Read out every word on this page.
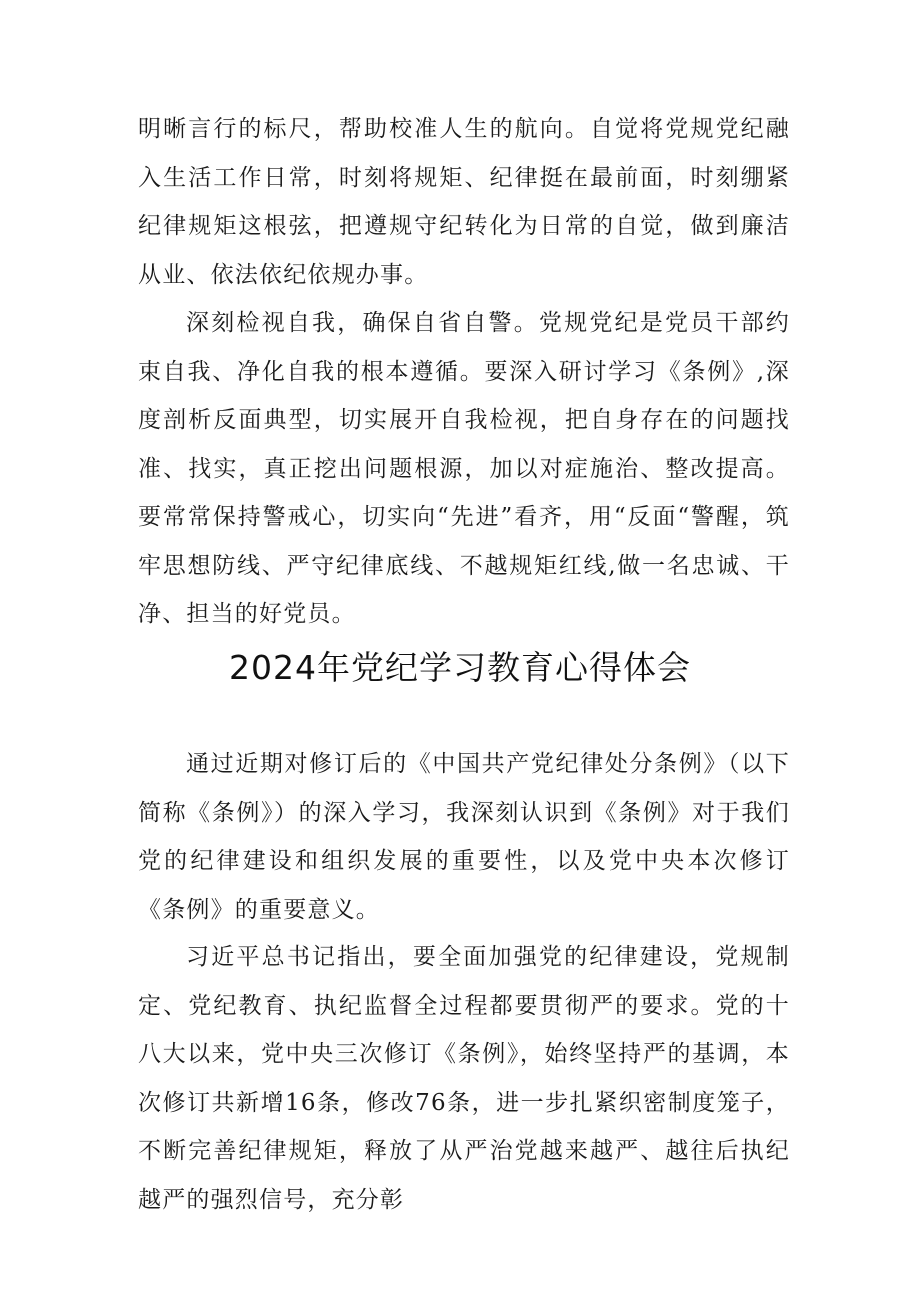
明晰言行的标尺，帮助校准人生的航向。自觉将党规党纪融入生活工作日常，时刻将规矩、纪律挺在最前面，时刻绷紧纪律规矩这根弦，把遵规守纪转化为日常的自觉，做到廉洁从业、依法依纪依规办事。

深刻检视自我，确保自省自警。党规党纪是党员干部约束自我、净化自我的根本遵循。要深入研讨学习《条例》,深度剖析反面典型，切实展开自我检视，把自身存在的问题找准、找实，真正挖出问题根源，加以对症施治、整改提高。要常常保持警戒心，切实向“先进”看齐，用“反面“警醒，筑牢思想防线、严守纪律底线、不越规矩红线,做一名忠诚、干净、担当的好党员。

2024年党纪学习教育心得体会

通过近期对修订后的《中国共产党纪律处分条例》（以下简称《条例》）的深入学习，我深刻认识到《条例》对于我们党的纪律建设和组织发展的重要性，以及党中央本次修订《条例》的重要意义。

习近平总书记指出，要全面加强党的纪律建设，党规制定、党纪教育、执纪监督全过程都要贯彻严的要求。党的十八大以来，党中央三次修订《条例》，始终坚持严的基调，本次修订共新增16条，修改76条，进一步扎紧织密制度笼子，不断完善纪律规矩，释放了从严治党越来越严、越往后执纪越严的强烈信号，充分彰
